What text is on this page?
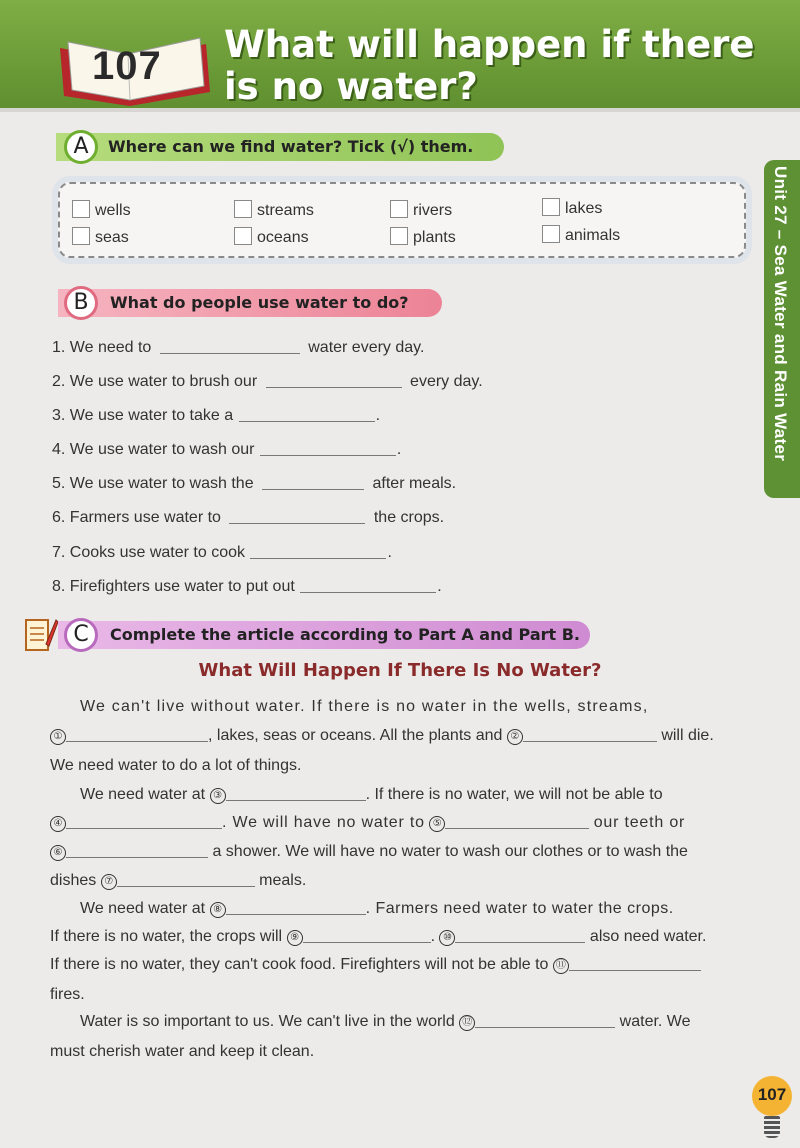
107 What will happen if there
is no water?
Unit 27 – Sea Water and Rain Water
Where can we find water? Tick (√) them.
A
wells	streams	rivers	lakes
seas	oceans	plants	animals
What do people use water to do?
B
1. We need to	water every day.
2. We use water to brush our	every day.
3. We use water to take a	.
4. We use water to wash our	.
5. We use water to wash the	after meals.
6. Farmers use water to	the crops.
7. Cooks use water to cook	.
8. Firefighters use water to put out	.
Complete the article according to Part A and Part B.
C
What Will Happen If There Is No Water?
We can't live without water. If there is no water in the wells, streams,
①	, lakes, seas or oceans. All the plants and ②	will die.
We need water to do a lot of things.
We need water at ③	. If there is no water, we will not be able to
④	. We will have no water to ⑤	our teeth or
⑥	a shower. We will have no water to wash our clothes or to wash the
dishes ⑦	meals.
We need water at ⑧	. Farmers need water to water the crops.
If there is no water, the crops will ⑨	. ⑩	also need water.
If there is no water, they can't cook food. Firefighters will not be able to ⑪
fires.
Water is so important to us. We can't live in the world ⑫	water. We
must cherish water and keep it clean.
107
